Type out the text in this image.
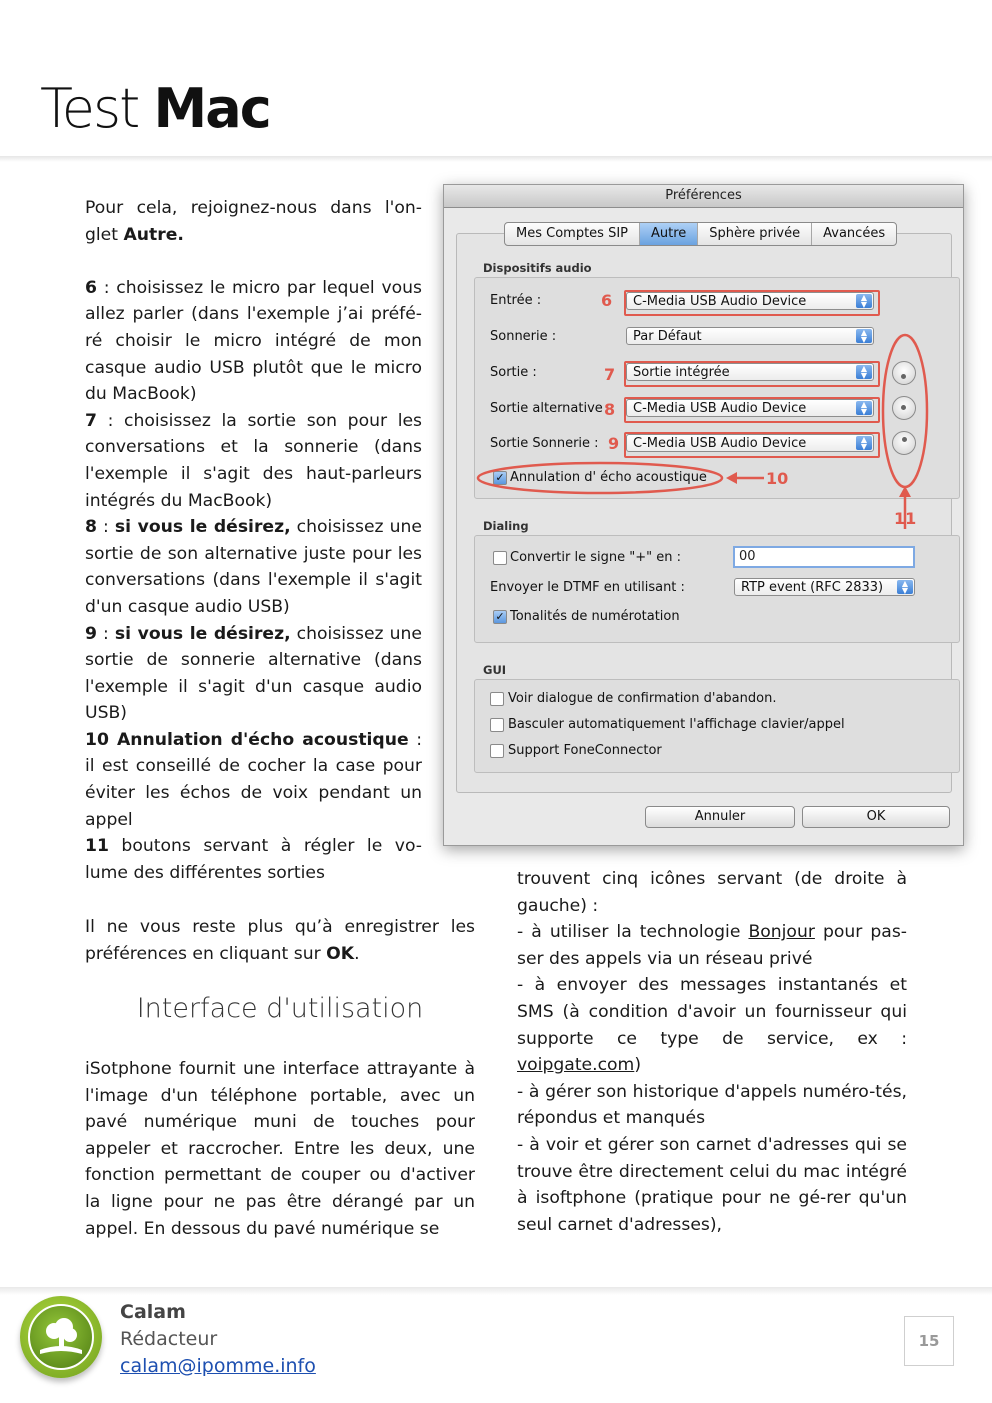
Test Mac

Pour cela, rejoignez-nous dans l'on-glet Autre.

6 : choisissez le micro par lequel vous allez parler (dans l'exemple j’ai préfé-ré choisir le micro intégré de mon casque audio USB plutôt que le micro du MacBook)

7 : choisissez la sortie son pour les conversations et la sonnerie (dans l'exemple il s'agit des haut-parleurs intégrés du MacBook)

8 : si vous le désirez, choisissez une sortie de son alternative juste pour les conversations (dans l'exemple il s'agit d'un casque audio USB)

9 : si vous le désirez, choisissez une sortie de sonnerie alternative (dans l'exemple il s'agit d'un casque audio USB)

10 Annulation d'écho acoustique : il est conseillé de cocher la case pour éviter les échos de voix pendant un appel

11 boutons servant à régler le vo-lume des différentes sorties

Il ne vous reste plus qu’à enregistrer les préférences en cliquant sur OK.

Interface d'utilisation

iSotphone fournit une interface attrayante à l'image d'un téléphone portable, avec un pavé numérique muni de touches pour appeler et raccrocher. Entre les deux, une fonction permettant de couper ou d'activer la ligne pour ne pas être dérangé par un appel. En dessous du pavé numérique se

trouvent cinq icônes servant (de droite à gauche) :

- à utiliser la technologie Bonjour pour pas-ser des appels via un réseau privé

- à envoyer des messages instantanés et SMS (à condition d'avoir un fournisseur qui supporte ce type de service, ex : voipgate.com)

- à gérer son historique d'appels numéro-tés, répondus et manqués

- à voir et gérer son carnet d'adresses qui se trouve être directement celui du mac intégré à isoftphone (pratique pour ne gé-rer qu'un seul carnet d'adresses),

Préférences
Mes Comptes SIP	Autre	Sphère privée	Avancées
Dispositifs audio
Entrée :	6	C-Media USB Audio Device	▲
▼
Sonnerie :	Par Défaut	▲
▼
Sortie :	7	Sortie intégrée	▲
▼
Sortie alternative 8	C-Media USB Audio Device	▲
▼
Sortie Sonnerie : 9	C-Media USB Audio Device	▲
▼
11
✓ Annulation d' écho acoustique	10
Dialing
Convertir le signe "+" en :	00
Envoyer le DTMF en utilisant :	RTP event (RFC 2833)	▲
▼
✓ Tonalités de numérotation
GUI
Voir dialogue de confirmation d'abandon.
Basculer automatiquement l'affichage clavier/appel
Support FoneConnector
Annuler	OK
Calam
Rédacteur
calam@ipomme.info
15
